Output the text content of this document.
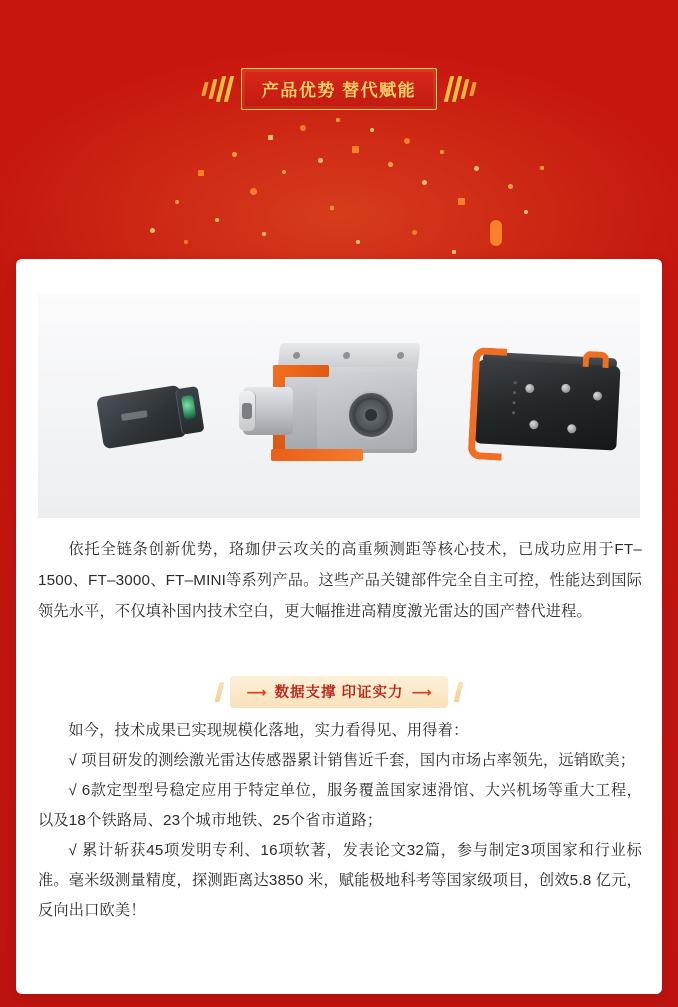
产品优势 替代赋能
依托全链条创新优势，珞珈伊云攻关的高重频测距等核心技术，已成功应用于FT–1500、FT–3000、FT–MINI等系列产品。这些产品关键部件完全自主可控，性能达到国际领先水平，不仅填补国内技术空白，更大幅推进高精度激光雷达的国产替代进程。
⟶ 数据支撑 印证实力 ⟶

如今，技术成果已实现规模化落地，实力看得见、用得着：

√ 项目研发的测绘激光雷达传感器累计销售近千套，国内市场占率领先，远销欧美；

√ 6款定型型号稳定应用于特定单位，服务覆盖国家速滑馆、大兴机场等重大工程，以及18个铁路局、23个城市地铁、25个省市道路；

√ 累计斩获45项发明专利、16项软著，发表论文32篇，参与制定3项国家和行业标准。毫米级测量精度，探测距离达3850 米，赋能极地科考等国家级项目，创效5.8 亿元，反向出口欧美！
